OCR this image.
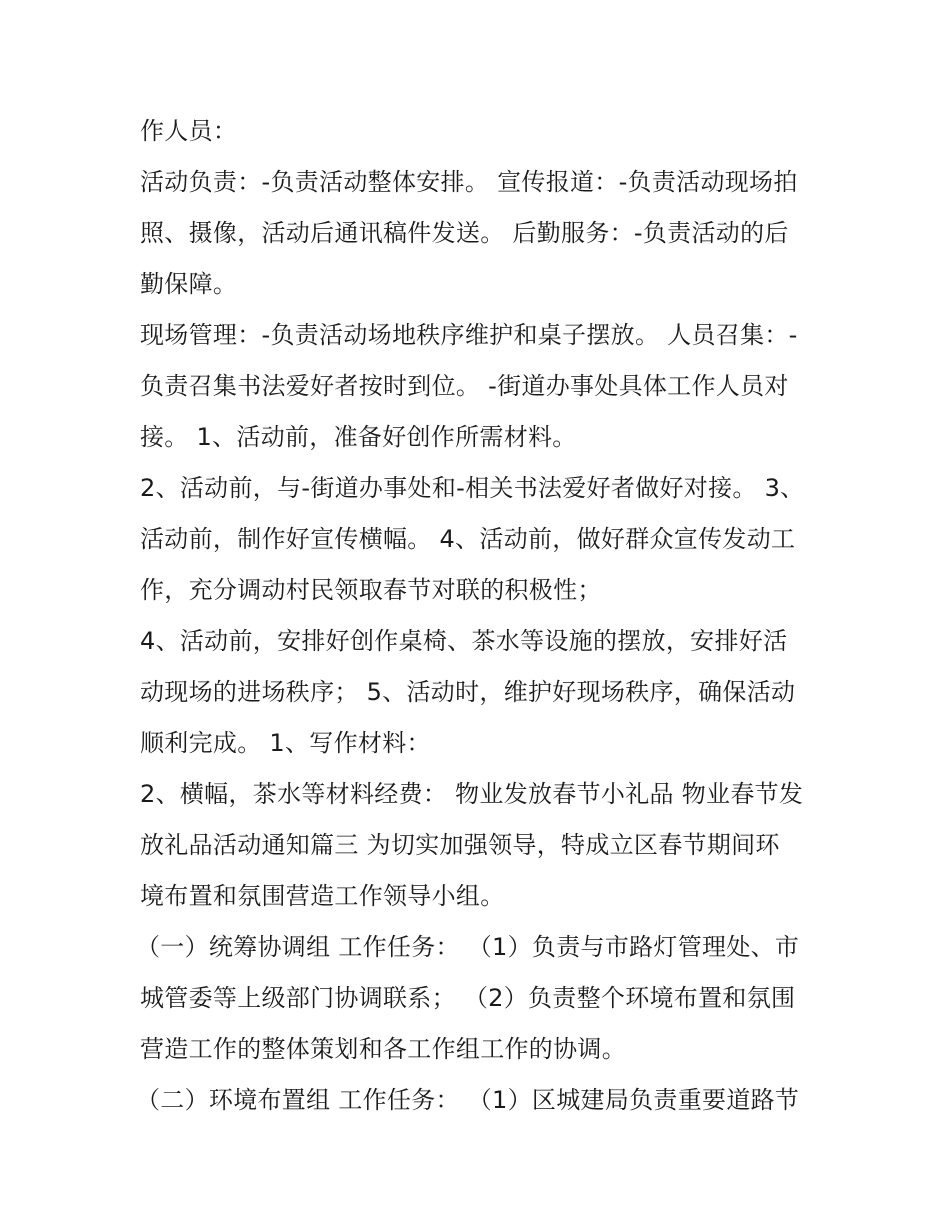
作人员：

活动负责：-负责活动整体安排。 宣传报道：-负责活动现场拍

照、摄像，活动后通讯稿件发送。 后勤服务：-负责活动的后

勤保障。

现场管理：-负责活动场地秩序维护和桌子摆放。 人员召集：-

负责召集书法爱好者按时到位。 -街道办事处具体工作人员对

接。 1、活动前，准备好创作所需材料。

2、活动前，与-街道办事处和-相关书法爱好者做好对接。 3、

活动前，制作好宣传横幅。 4、活动前，做好群众宣传发动工

作，充分调动村民领取春节对联的积极性；

4、活动前，安排好创作桌椅、茶水等设施的摆放，安排好活

动现场的进场秩序； 5、活动时，维护好现场秩序，确保活动

顺利完成。 1、写作材料：

2、横幅，茶水等材料经费： 物业发放春节小礼品 物业春节发

放礼品活动通知篇三 为切实加强领导，特成立区春节期间环

境布置和氛围营造工作领导小组。

（一）统筹协调组 工作任务： （1）负责与市路灯管理处、市

城管委等上级部门协调联系； （2）负责整个环境布置和氛围

营造工作的整体策划和各工作组工作的协调。

（二）环境布置组 工作任务： （1）区城建局负责重要道路节
